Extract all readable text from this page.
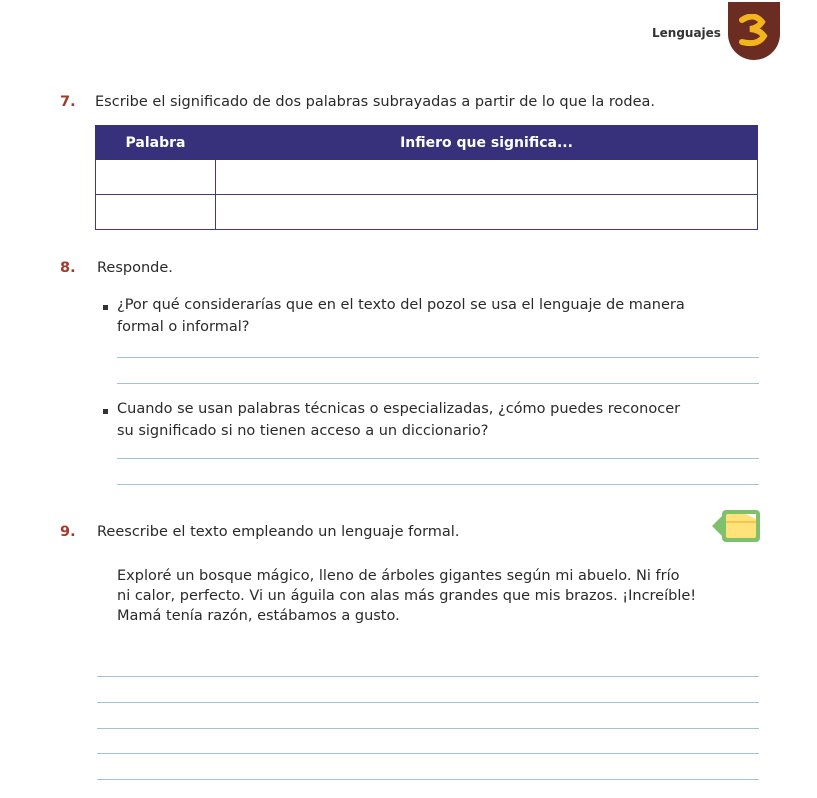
Lenguajes
7. Escribe el significado de dos palabras subrayadas a partir de lo que la rodea.
Palabra	Infiero que significa...

8. Responde.
¿Por qué considerarías que en el texto del pozol se usa el lenguaje de manera
formal o informal?
Cuando se usan palabras técnicas o especializadas, ¿cómo puedes reconocer
su significado si no tienen acceso a un diccionario?
9. Reescribe el texto empleando un lenguaje formal.
Exploré un bosque mágico, lleno de árboles gigantes según mi abuelo. Ni frío
ni calor, perfecto. Vi un águila con alas más grandes que mis brazos. ¡Increíble!
Mamá tenía razón, estábamos a gusto.
